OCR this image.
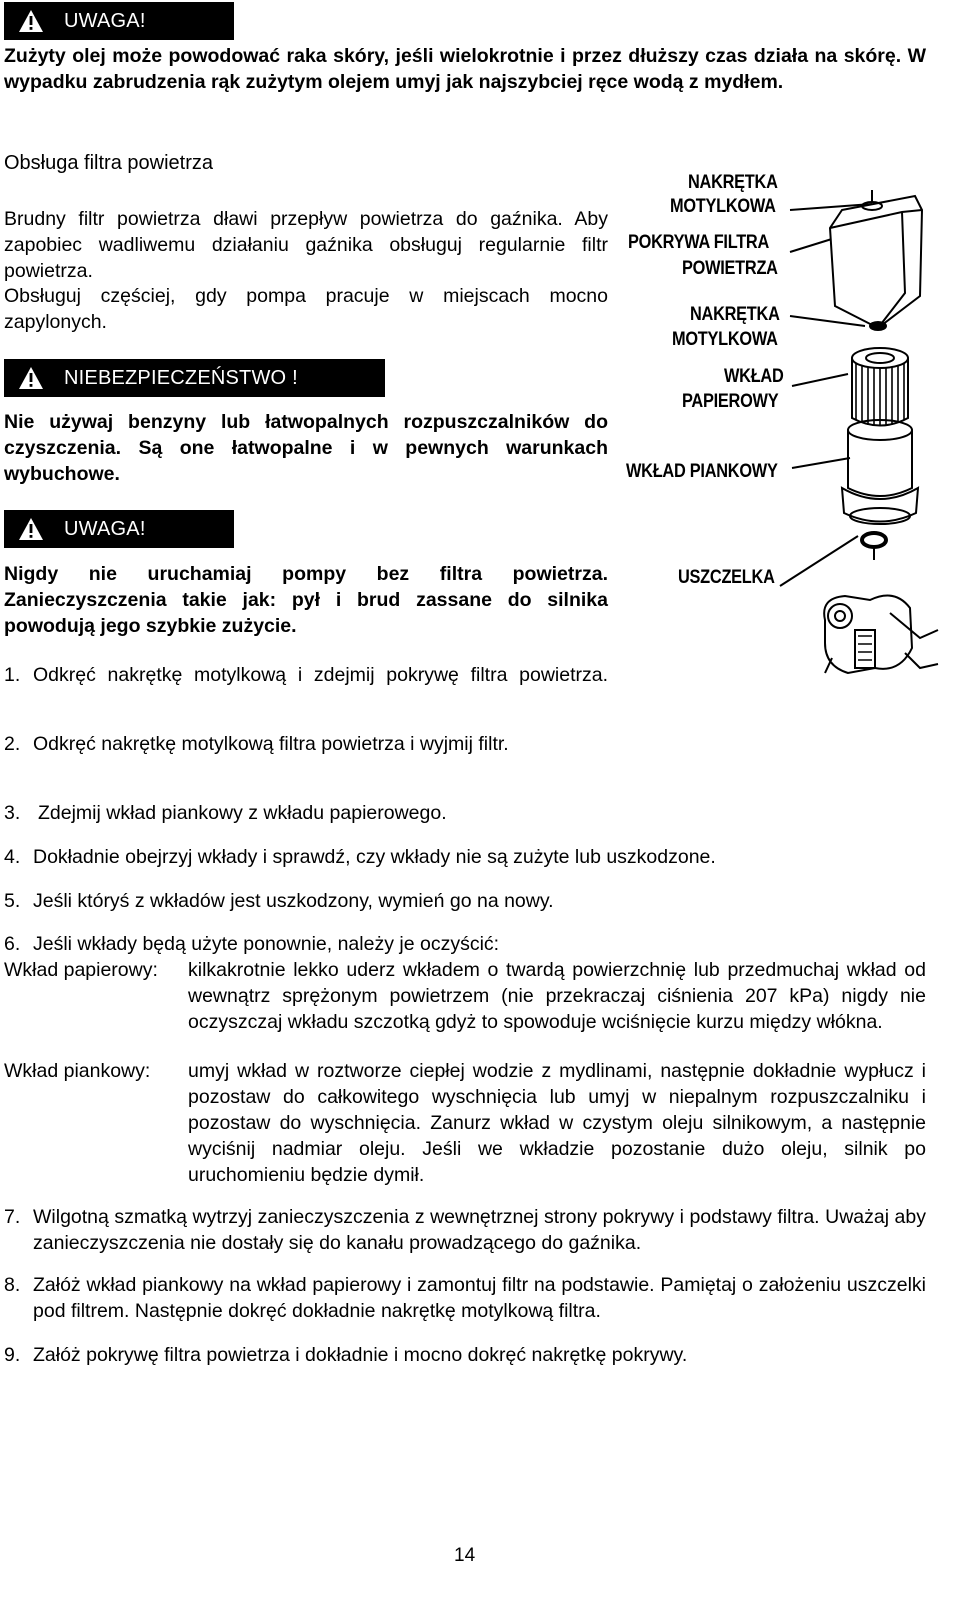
UWAGA!
Zużyty olej może powodować raka skóry, jeśli wielokrotnie i przez dłuższy czas działa na skórę. W wypadku zabrudzenia rąk zużytym olejem umyj jak najszybciej ręce wodą z mydłem.
Obsługa filtra powietrza
Brudny filtr powietrza dławi przepływ powietrza do gaźnika. Aby zapobiec wadliwemu działaniu gaźnika obsługuj regularnie filtr powietrza.
Obsługuj częściej, gdy pompa pracuje w miejscach mocno zapylonych.
NIEBEZPIECZEŃSTWO !
Nie używaj benzyny lub łatwopalnych rozpuszczalników do czyszczenia. Są one łatwopalne i w pewnych warunkach wybuchowe.
UWAGA!
Nigdy nie uruchamiaj pompy bez filtra powietrza. Zanieczyszczenia takie jak: pył i brud zassane do silnika powodują jego szybkie zużycie.
NAKRĘTKA
MOTYLKOWA
POKRYWA FILTRA
POWIETRZA
NAKRĘTKA
MOTYLKOWA
WKŁAD
PAPIEROWY
WKŁAD PIANKOWY
USZCZELKA
1. Odkręć nakrętkę motylkową i zdejmij pokrywę filtra powietrza.
2. Odkręć nakrętkę motylkową filtra powietrza i wyjmij filtr.
3. Zdejmij wkład piankowy z wkładu papierowego.
4. Dokładnie obejrzyj wkłady i sprawdź, czy wkłady nie są zużyte lub uszkodzone.
5. Jeśli któryś z wkładów jest uszkodzony, wymień go na nowy.
6. Jeśli wkłady będą użyte ponownie, należy je oczyścić:
Wkład papierowy: kilkakrotnie lekko uderz wkładem o twardą powierzchnię lub przedmuchaj wkład od wewnątrz sprężonym powietrzem (nie przekraczaj ciśnienia 207 kPa) nigdy nie oczyszczaj wkładu szczotką gdyż to spowoduje wciśnięcie kurzu między włókna.
Wkład piankowy: umyj wkład w roztworze ciepłej wodzie z mydlinami, następnie dokładnie wypłucz i pozostaw do całkowitego wyschnięcia lub umyj w niepalnym rozpuszczalniku i pozostaw do wyschnięcia. Zanurz wkład w czystym oleju silnikowym, a następnie wyciśnij nadmiar oleju. Jeśli we wkładzie pozostanie dużo oleju, silnik po uruchomieniu będzie dymił.
7. Wilgotną szmatką wytrzyj zanieczyszczenia z wewnętrznej strony pokrywy i podstawy filtra. Uważaj aby zanieczyszczenia nie dostały się do kanału prowadzącego do gaźnika.
8. Załóż wkład piankowy na wkład papierowy i zamontuj filtr na podstawie. Pamiętaj o założeniu uszczelki pod filtrem. Następnie dokręć dokładnie nakrętkę motylkową filtra.
9. Załóż pokrywę filtra powietrza i dokładnie i mocno dokręć nakrętkę pokrywy.
14
